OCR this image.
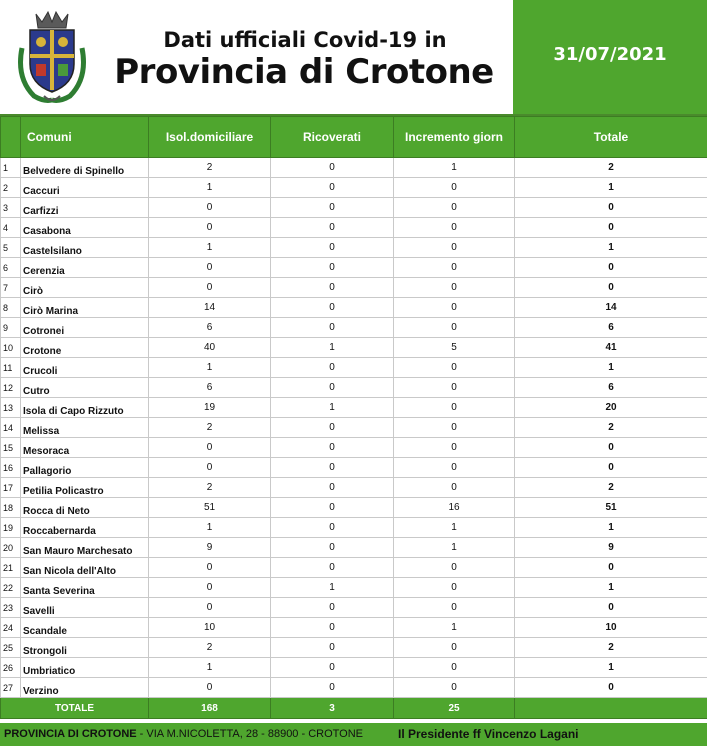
Dati ufficiali Covid-19 in
Provincia di Crotone	31/07/2021
	Comuni	Isol.domiciliare	Ricoverati	Incremento giorn	Totale
1	Belvedere di Spinello	2	0	1	2
2	Caccuri	1	0	0	1
3	Carfizzi	0	0	0	0
4	Casabona	0	0	0	0
5	Castelsilano	1	0	0	1
6	Cerenzia	0	0	0	0
7	Cirò	0	0	0	0
8	Cirò Marina	14	0	0	14
9	Cotronei	6	0	0	6
10	Crotone	40	1	5	41
11	Crucoli	1	0	0	1
12	Cutro	6	0	0	6
13	Isola di Capo Rizzuto	19	1	0	20
14	Melissa	2	0	0	2
15	Mesoraca	0	0	0	0
16	Pallagorio	0	0	0	0
17	Petilia Policastro	2	0	0	2
18	Rocca di Neto	51	0	16	51
19	Roccabernarda	1	0	1	1
20	San Mauro Marchesato	9	0	1	9
21	San Nicola dell'Alto	0	0	0	0
22	Santa Severina	0	1	0	1
23	Savelli	0	0	0	0
24	Scandale	10	0	1	10
25	Strongoli	2	0	0	2
26	Umbriatico	1	0	0	1
27	Verzino	0	0	0	0
TOTALE		168	3	25	
PROVINCIA DI CROTONE - VIA M.NICOLETTA, 28 - 88900 - CROTONE	Il Presidente ff Vincenzo Lagani
